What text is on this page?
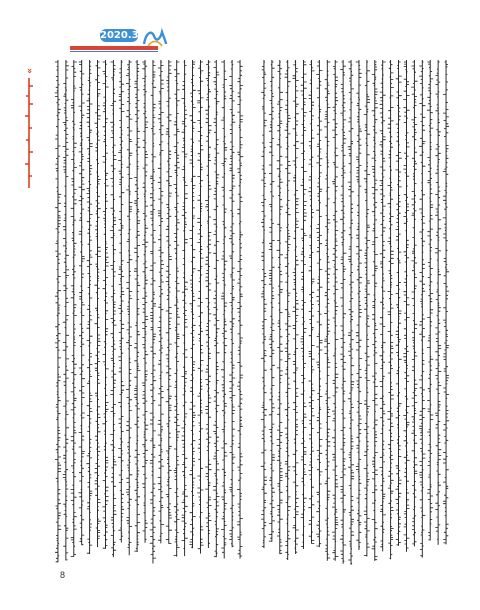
2020.3
»
8
